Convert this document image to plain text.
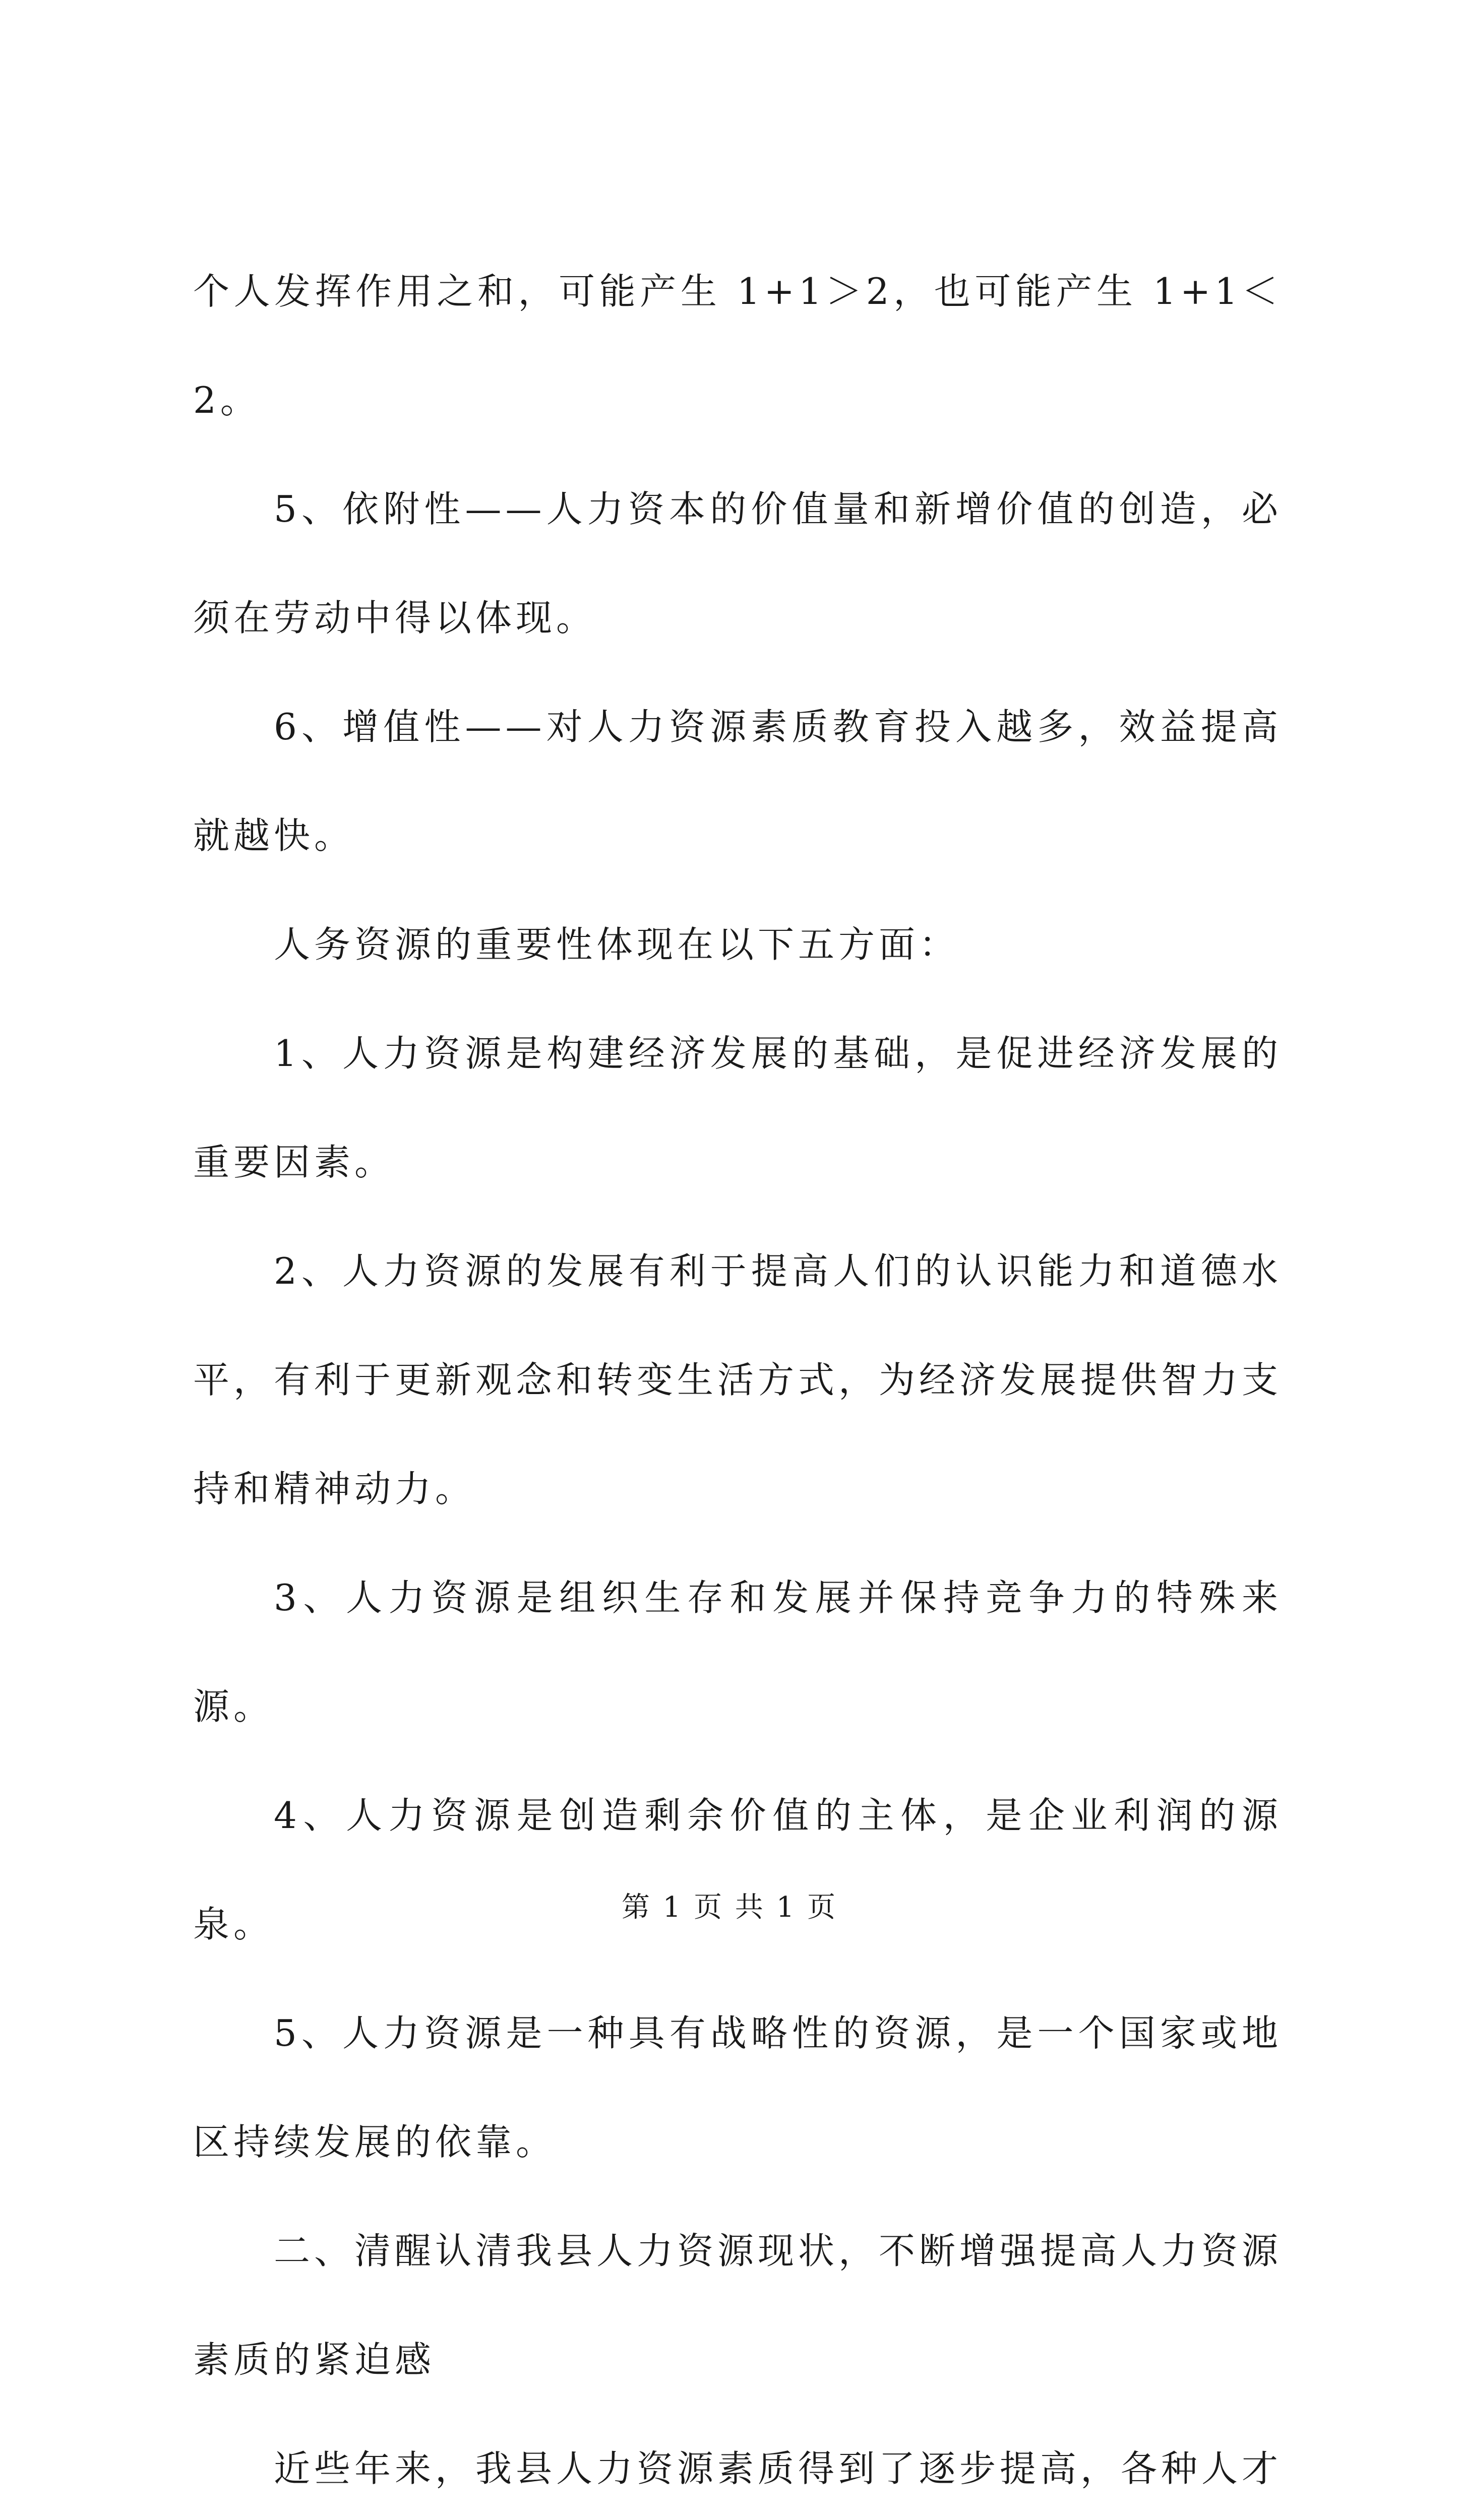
个人发挥作用之和，可能产生 1+1＞2，也可能产生 1+1＜2。

5、依附性——人力资本的价值量和新增价值的创造，必须在劳动中得以体现。

6、增值性——对人力资源素质教育投入越多，效益提高就越快。

人务资源的重要性体现在以下五方面：

1、人力资源是构建经济发展的基础，是促进经济发展的重要因素。

2、人力资源的发展有利于提高人们的认识能力和道德水平，有利于更新观念和转变生活方式，为经济发展提供智力支持和精神动力。

3、人力资源是组织生存和发展并保持竞争力的特殊来源。

4、人力资源是创造剩余价值的主体，是企业利润的源泉。

5、人力资源是一种具有战略性的资源，是一个国家或地区持续发展的依靠。

二、清醒认清我县人力资源现状，不断增强提高人力资源素质的紧迫感

近些年来，我县人力资源素质得到了逐步提高，各种人才

第 1 页 共 1 页
